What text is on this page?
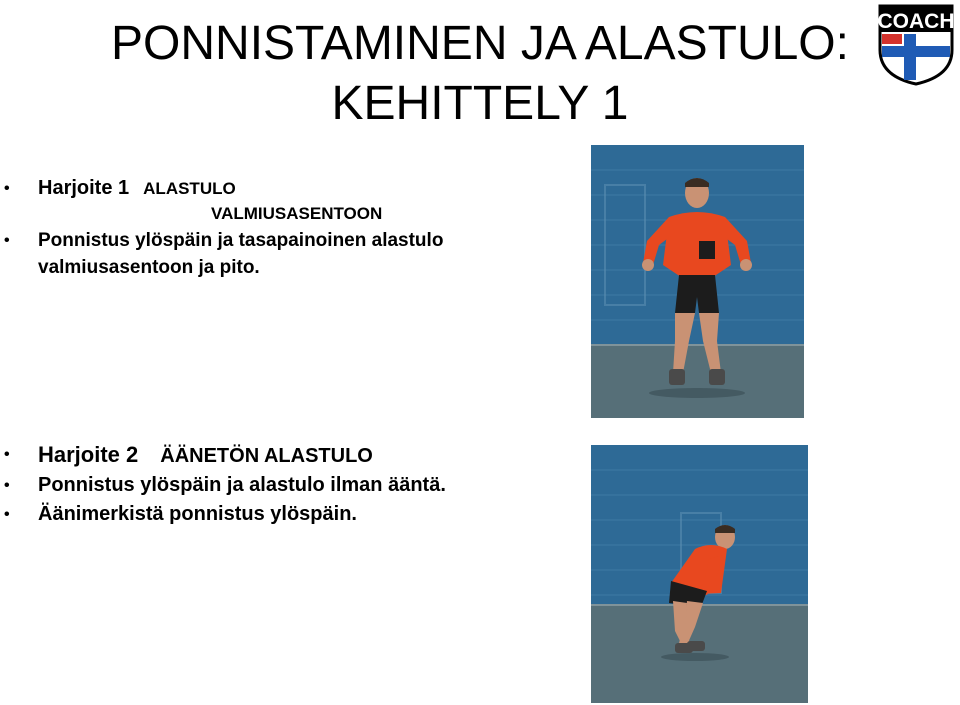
PONNISTAMINEN JA ALASTULO:
KEHITTELY 1
COACH
• Harjoite 1 ALASTULO
VALMIUSASENTOON
• Ponnistus ylöspäin ja tasapainoinen alastulo valmiusasentoon ja pito.
• Harjoite 2 ÄÄNETÖN ALASTULO
• Ponnistus ylöspäin ja alastulo ilman ääntä.
• Äänimerkistä ponnistus ylöspäin.
